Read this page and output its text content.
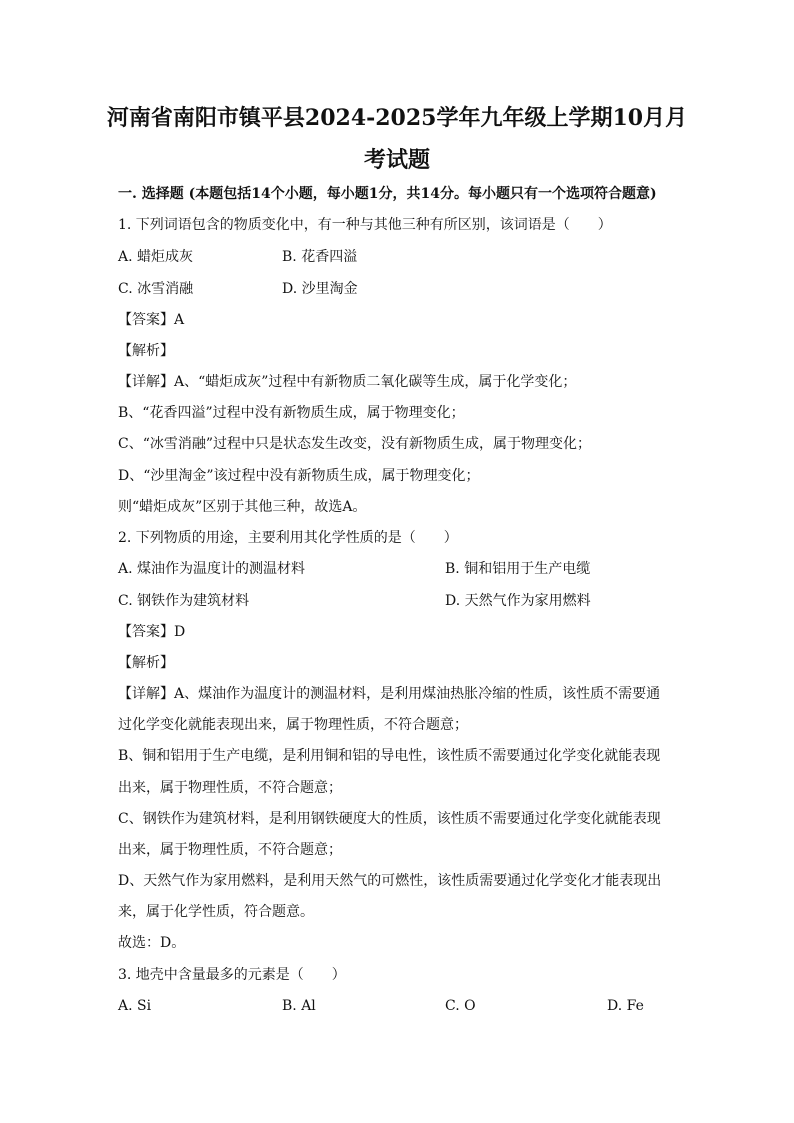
河南省南阳市镇平县2024-2025学年九年级上学期10月月
考试题
一. 选择题 (本题包括14个小题，每小题1分，共14分。每小题只有一个选项符合题意)
1. 下列词语包含的物质变化中，有一种与其他三种有所区别，该词语是（　　）
A. 蜡炬成灰	B. 花香四溢
C. 冰雪消融	D. 沙里淘金
【答案】A
【解析】
【详解】A、“蜡炬成灰”过程中有新物质二氧化碳等生成，属于化学变化；
B、“花香四溢”过程中没有新物质生成，属于物理变化；
C、“冰雪消融”过程中只是状态发生改变，没有新物质生成，属于物理变化；
D、“沙里淘金”该过程中没有新物质生成，属于物理变化；
则“蜡炬成灰”区别于其他三种，故选A。
2. 下列物质的用途，主要利用其化学性质的是（　　）
A. 煤油作为温度计的测温材料	B. 铜和铝用于生产电缆
C. 钢铁作为建筑材料	D. 天然气作为家用燃料
【答案】D
【解析】
【详解】A、煤油作为温度计的测温材料，是利用煤油热胀冷缩的性质，该性质不需要通
过化学变化就能表现出来，属于物理性质，不符合题意；
B、铜和铝用于生产电缆，是利用铜和铝的导电性，该性质不需要通过化学变化就能表现
出来，属于物理性质，不符合题意；
C、钢铁作为建筑材料，是利用钢铁硬度大的性质，该性质不需要通过化学变化就能表现
出来，属于物理性质，不符合题意；
D、天然气作为家用燃料，是利用天然气的可燃性，该性质需要通过化学变化才能表现出
来，属于化学性质，符合题意。
故选：D。
3. 地壳中含量最多的元素是（　　）
A. Si	B. Al	C. O	D. Fe
